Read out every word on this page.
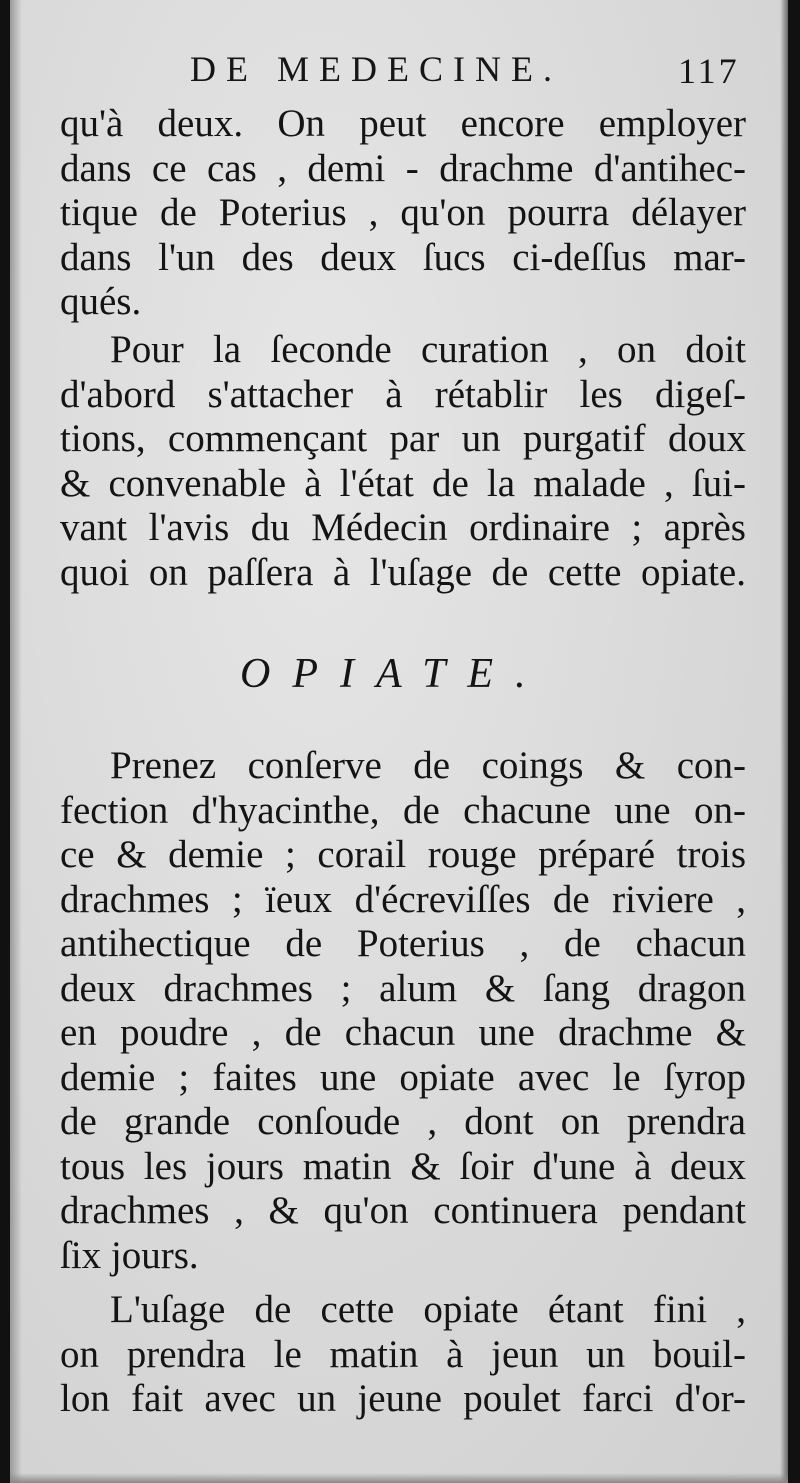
DE MEDECINE.	117

qu'à deux. On peut encore employer
dans ce cas , demi - drachme d'antihec-
tique de Poterius , qu'on pourra délayer
dans l'un des deux ſucs ci-deſſus mar-
qués.

Pour la ſeconde curation , on doit
d'abord s'attacher à rétablir les digeſ-
tions, commençant par un purgatif doux
& convenable à l'état de la malade , ſui-
vant l'avis du Médecin ordinaire ; après
quoi on paſſera à l'uſage de cette opiate.

OPIATE.

Prenez conſerve de coings & con-
fection d'hyacinthe, de chacune une on-
ce & demie ; corail rouge préparé trois
drachmes ; ïeux d'écreviſſes de riviere ,
antihectique de Poterius , de chacun
deux drachmes ; alum & ſang dragon
en poudre , de chacun une drachme &
demie ; faites une opiate avec le ſyrop
de grande conſoude , dont on prendra
tous les jours matin & ſoir d'une à deux
drachmes , & qu'on continuera pendant
ſix jours.

L'uſage de cette opiate étant fini ,
on prendra le matin à jeun un bouil-
lon fait avec un jeune poulet farci d'or-
